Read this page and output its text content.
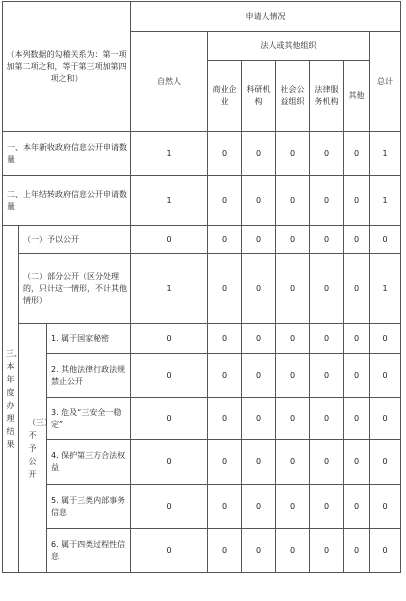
（本列数据的勾稽关系为：第一项加第二项之和，等于第三项加第四项之和）			申请人情况						
			自然人	法人或其他组织					总计
				商业企业	科研机构	社会公益组织	法律服务机构	其他	
一、本年新收政府信息公开申请数量			1	0	0	0	0	0	1
二、上年结转政府信息公开申请数量			1	0	0	0	0	0	1

三、本年度办理结果	（一）予以公开		0	0	0	0	0	0	0
	（二）部分公开（区分处理的，只计这一情形，不计其他情形）		1	0	0	0	0	0	1

	（三）不予公开	1. 属于国家秘密	0	0	0	0	0	0	0
		2. 其他法律行政法规禁止公开	0	0	0	0	0	0	0
		3. 危及“三安全一稳定”	0	0	0	0	0	0	0
		4. 保护第三方合法权益	0	0	0	0	0	0	0
		5. 属于三类内部事务信息	0	0	0	0	0	0	0
		6. 属于四类过程性信息	0	0	0	0	0	0	0
